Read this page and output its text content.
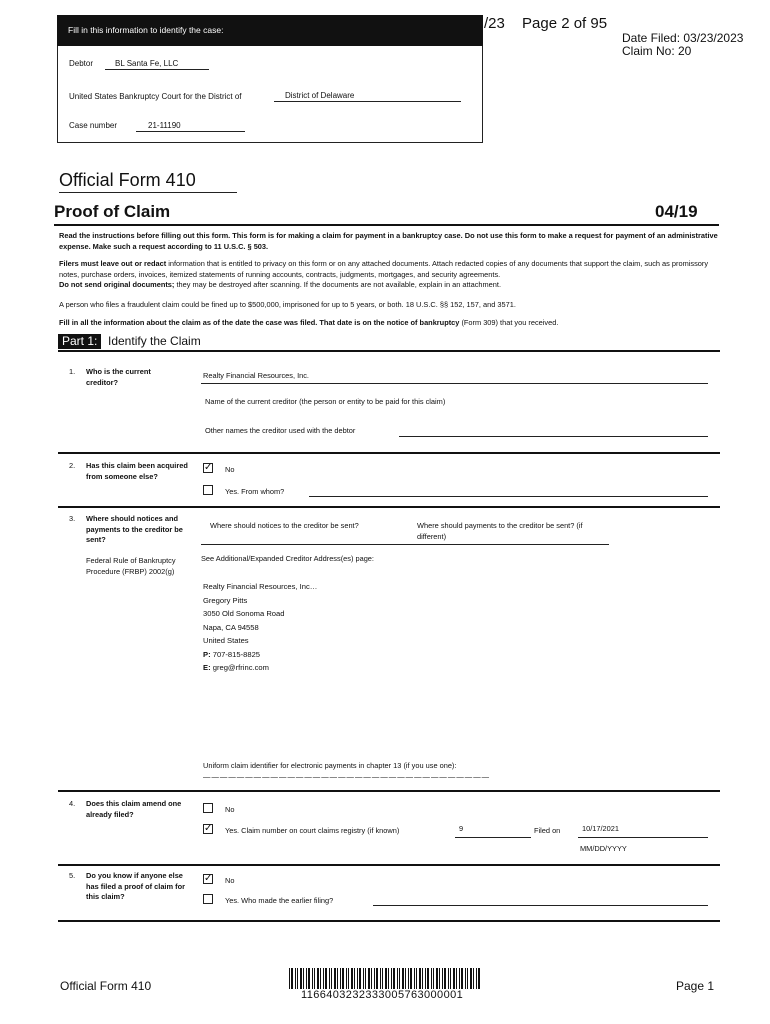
Fill in this information to identify the case:
Debtor	BL Santa Fe, LLC
United States Bankruptcy Court for the District of	District of Delaware
Case number	21-11190
/23 Page 2 of 95
Date Filed: 03/23/2023
Claim No: 20
Official Form 410
Proof of Claim	04/19
Read the instructions before filling out this form. This form is for making a claim for payment in a bankruptcy case. Do not use this form to make a request for payment of an administrative expense. Make such a request according to 11 U.S.C. § 503.
Filers must leave out or redact information that is entitled to privacy on this form or on any attached documents. Attach redacted copies of any documents that support the claim, such as promissory notes, purchase orders, invoices, itemized statements of running accounts, contracts, judgments, mortgages, and security agreements.
Do not send original documents; they may be destroyed after scanning. If the documents are not available, explain in an attachment.
A person who files a fraudulent claim could be fined up to $500,000, imprisoned for up to 5 years, or both. 18 U.S.C. §§ 152, 157, and 3571.
Fill in all the information about the claim as of the date the case was filed. That date is on the notice of bankruptcy (Form 309) that you received.
Part 1: Identify the Claim
1. Who is the current creditor?
Realty Financial Resources, Inc.
Name of the current creditor (the person or entity to be paid for this claim)
Other names the creditor used with the debtor
2. Has this claim been acquired from someone else?
✓ No
Yes. From whom?
3. Where should notices and payments to the creditor be sent?
Federal Rule of Bankruptcy Procedure (FRBP) 2002(g)
Where should notices to the creditor be sent?	Where should payments to the creditor be sent? (if different)
See Additional/Expanded Creditor Address(es) page:
Realty Financial Resources, Inc…
Gregory Pitts
3050 Old Sonoma Road
Napa, CA 94558
United States
P: 707-815-8825
E: greg@rfrinc.com
Uniform claim identifier for electronic payments in chapter 13 (if you use one):
— — — — — — — — — — — — — — — — — — — — — — — — — — — — — — — — — —
4. Does this claim amend one already filed?	No
✓ Yes. Claim number on court claims registry (if known)	9	Filed on	10/17/2021
MM/DD/YYYY
5. Do you know if anyone else has filed a proof of claim for this claim?
✓ No
Yes. Who made the earlier filing?
Official Form 410
1166403232333005763000001
Page 1
